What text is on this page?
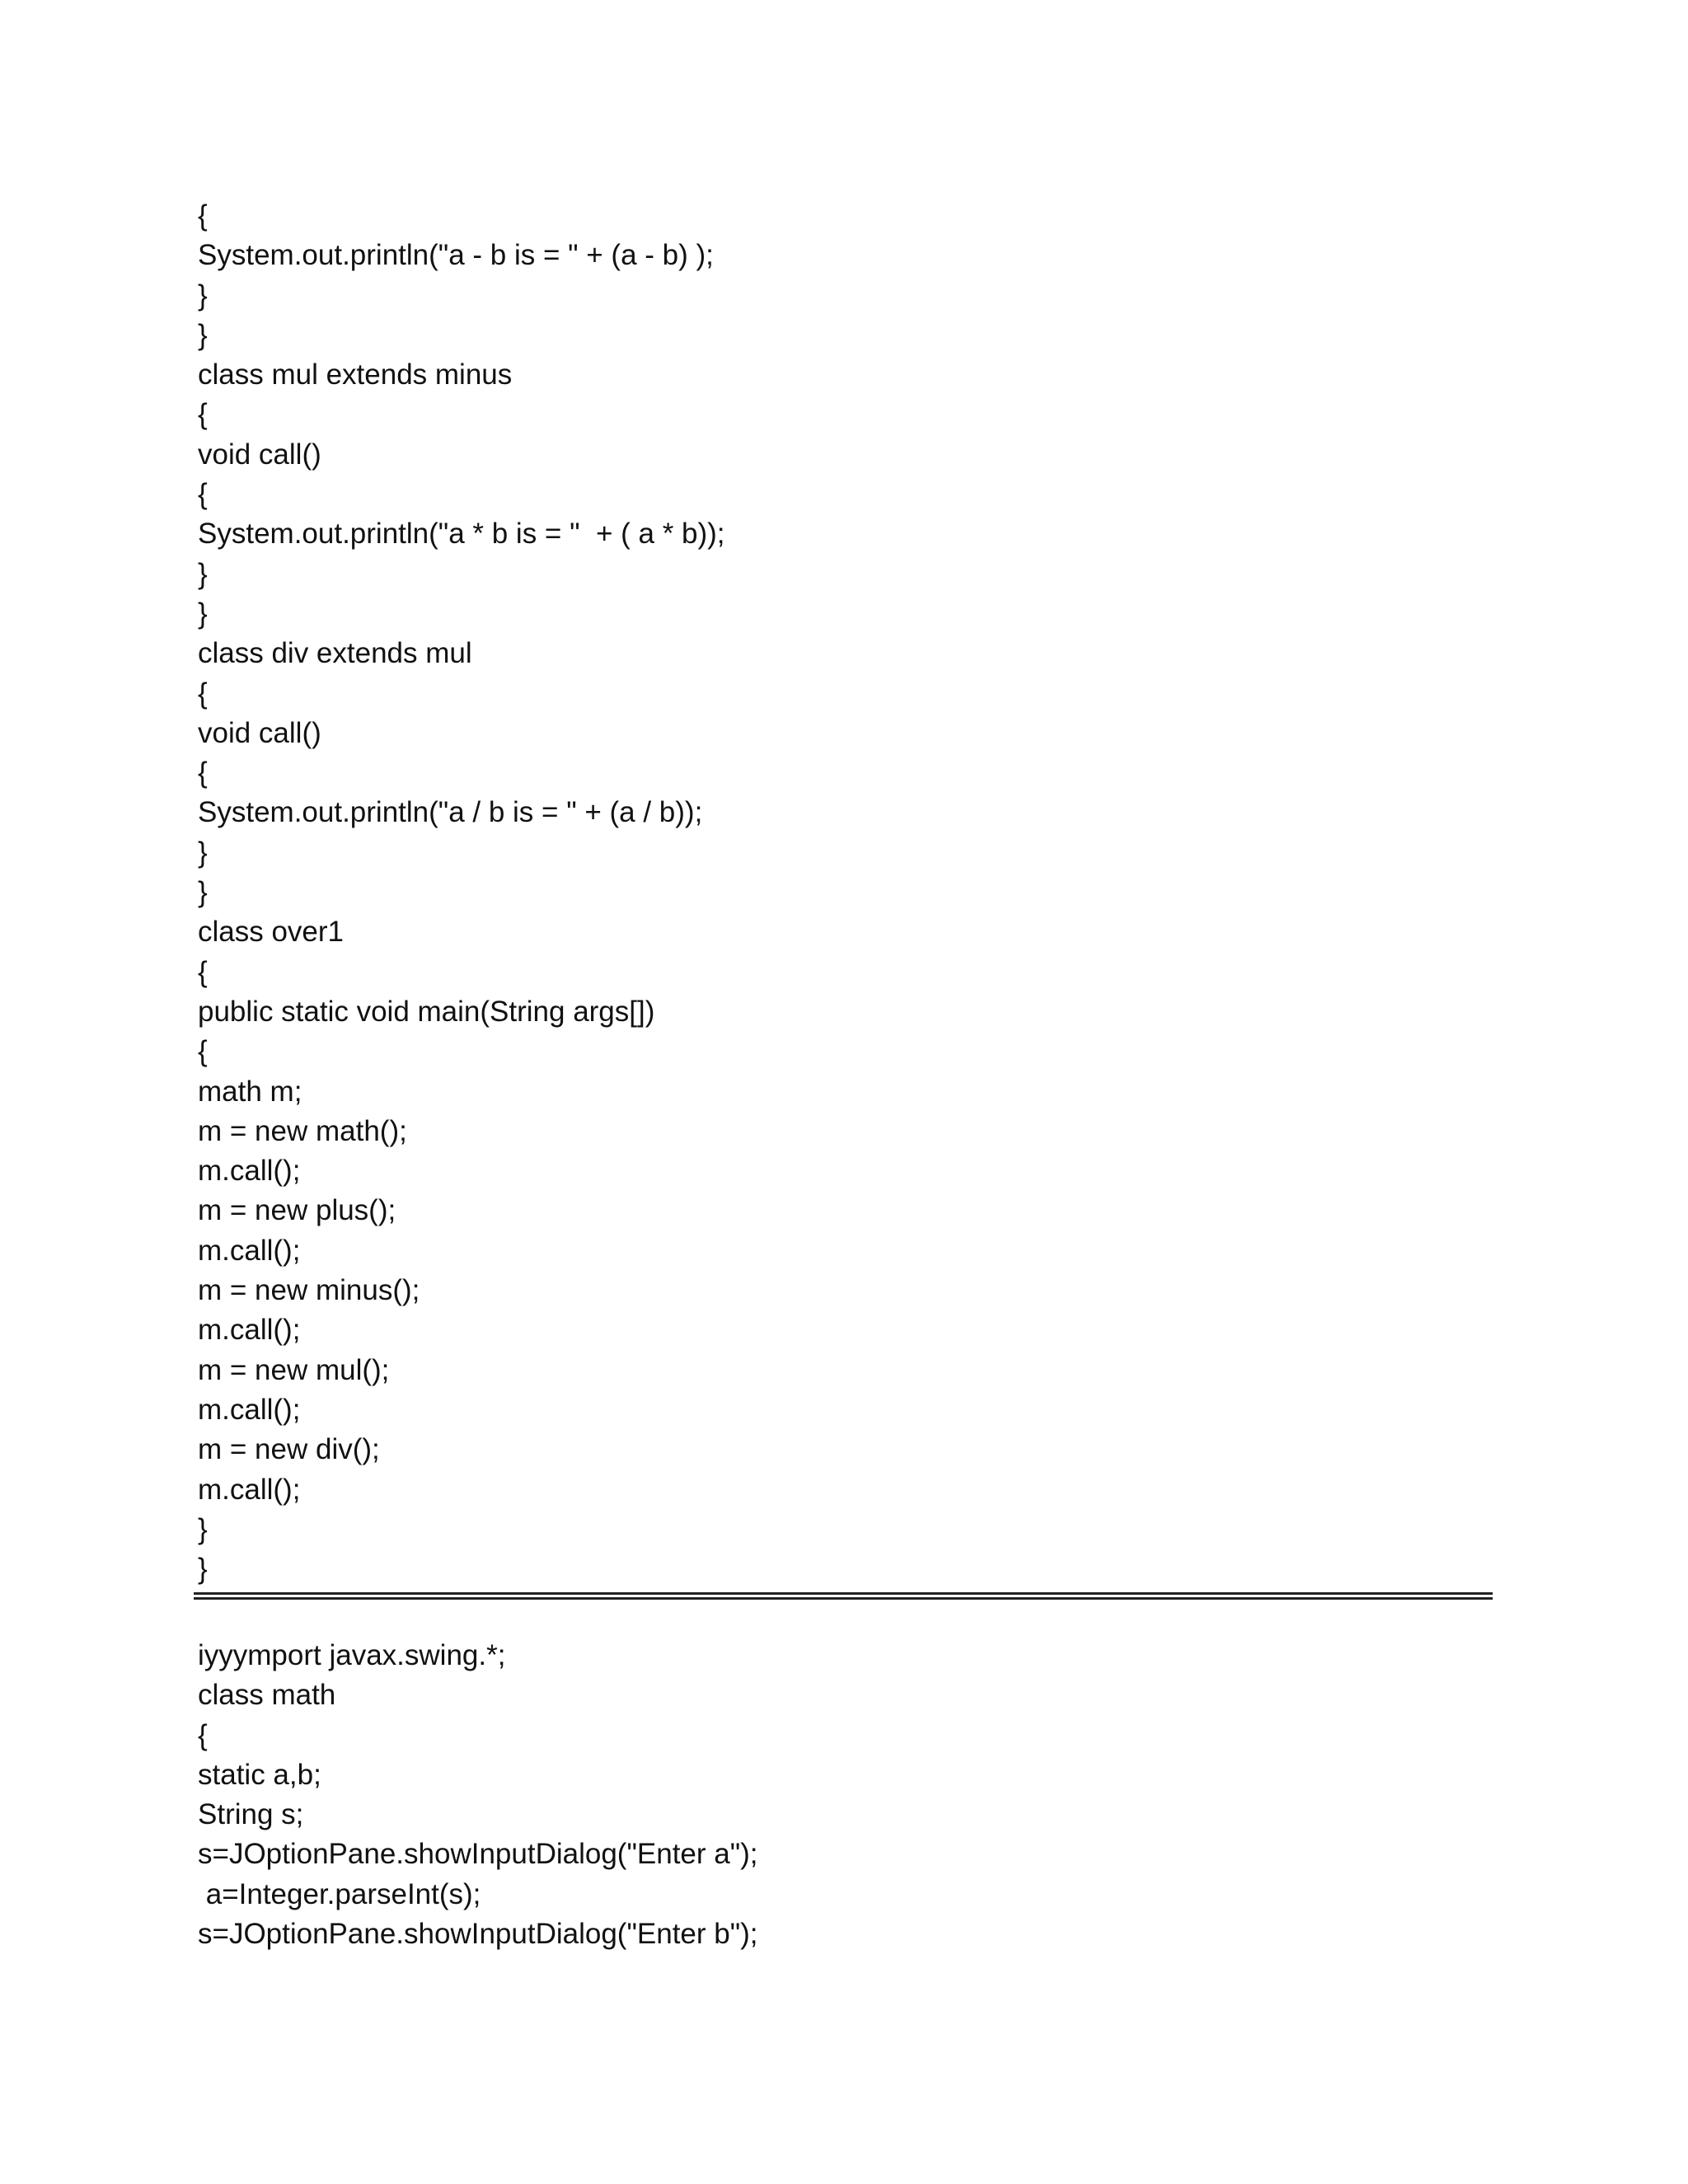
{
System.out.println("a - b is = " + (a - b) );
}
}
class mul extends minus
{
void call()
{
System.out.println("a * b is = "  + ( a * b));
}
}
class div extends mul
{
void call()
{
System.out.println("a / b is = " + (a / b));
}
}
class over1
{
public static void main(String args[])
{
math m;
m = new math();
m.call();
m = new plus();
m.call();
m = new minus();
m.call();
m = new mul();
m.call();
m = new div();
m.call();
}
}
iyyymport javax.swing.*;
class math
{
static a,b;
String s;
s=JOptionPane.showInputDialog("Enter a");
a=Integer.parseInt(s);
s=JOptionPane.showInputDialog("Enter b");
